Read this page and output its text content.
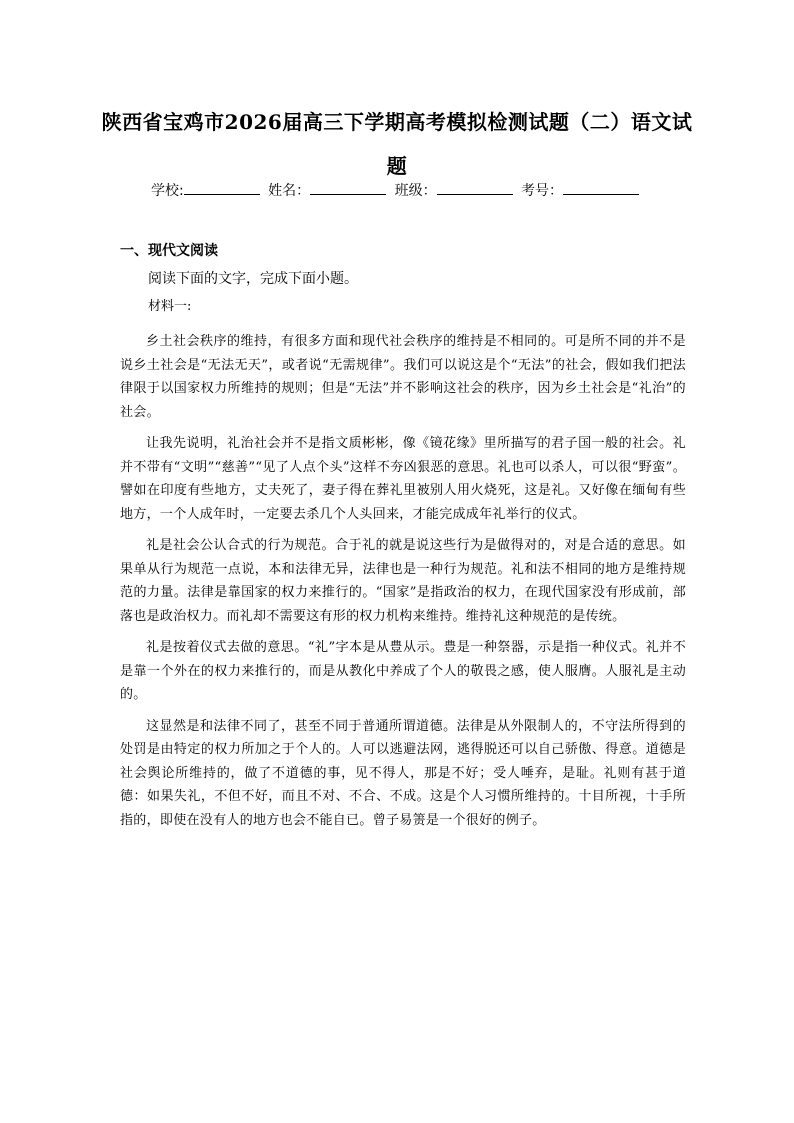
陕西省宝鸡市2026届高三下学期高考模拟检测试题（二）语文试题
学校:	姓名：	班级：	考号：
一、现代文阅读
阅读下面的文字，完成下面小题。
材料一:

乡土社会秩序的维持，有很多方面和现代社会秩序的维持是不相同的。可是所不同的并不是说乡土社会是“无法无天”，或者说“无需规律”。我们可以说这是个“无法”的社会，假如我们把法律限于以国家权力所维持的规则；但是“无法”并不影响这社会的秩序，因为乡土社会是“礼治”的社会。

让我先说明，礼治社会并不是指文质彬彬，像《镜花缘》里所描写的君子国一般的社会。礼并不带有“文明”“慈善”“见了人点个头”这样不夯凶狠恶的意思。礼也可以杀人，可以很“野蛮”。譬如在印度有些地方，丈夫死了，妻子得在葬礼里被别人用火烧死，这是礼。又好像在缅甸有些地方，一个人成年时，一定要去杀几个人头回来，才能完成成年礼举行的仪式。

礼是社会公认合式的行为规范。合于礼的就是说这些行为是做得对的，对是合适的意思。如果单从行为规范一点说，本和法律无异，法律也是一种行为规范。礼和法不相同的地方是维持规范的力量。法律是靠国家的权力来推行的。“国家”是指政治的权力，在现代国家没有形成前，部落也是政治权力。而礼却不需要这有形的权力机构来维持。维持礼这种规范的是传统。

礼是按着仪式去做的意思。“礼”字本是从豊从示。豊是一种祭器，示是指一种仪式。礼并不是靠一个外在的权力来推行的，而是从教化中养成了个人的敬畏之感，使人服膺。人服礼是主动的。

这显然是和法律不同了，甚至不同于普通所谓道德。法律是从外限制人的，不守法所得到的处罚是由特定的权力所加之于个人的。人可以逃避法网，逃得脱还可以自己骄傲、得意。道德是社会舆论所维持的，做了不道德的事，见不得人，那是不好；受人唾弃，是耻。礼则有甚于道德：如果失礼，不但不好，而且不对、不合、不成。这是个人习惯所维持的。十目所视，十手所指的，即使在没有人的地方也会不能自已。曾子易箦是一个很好的例子。
